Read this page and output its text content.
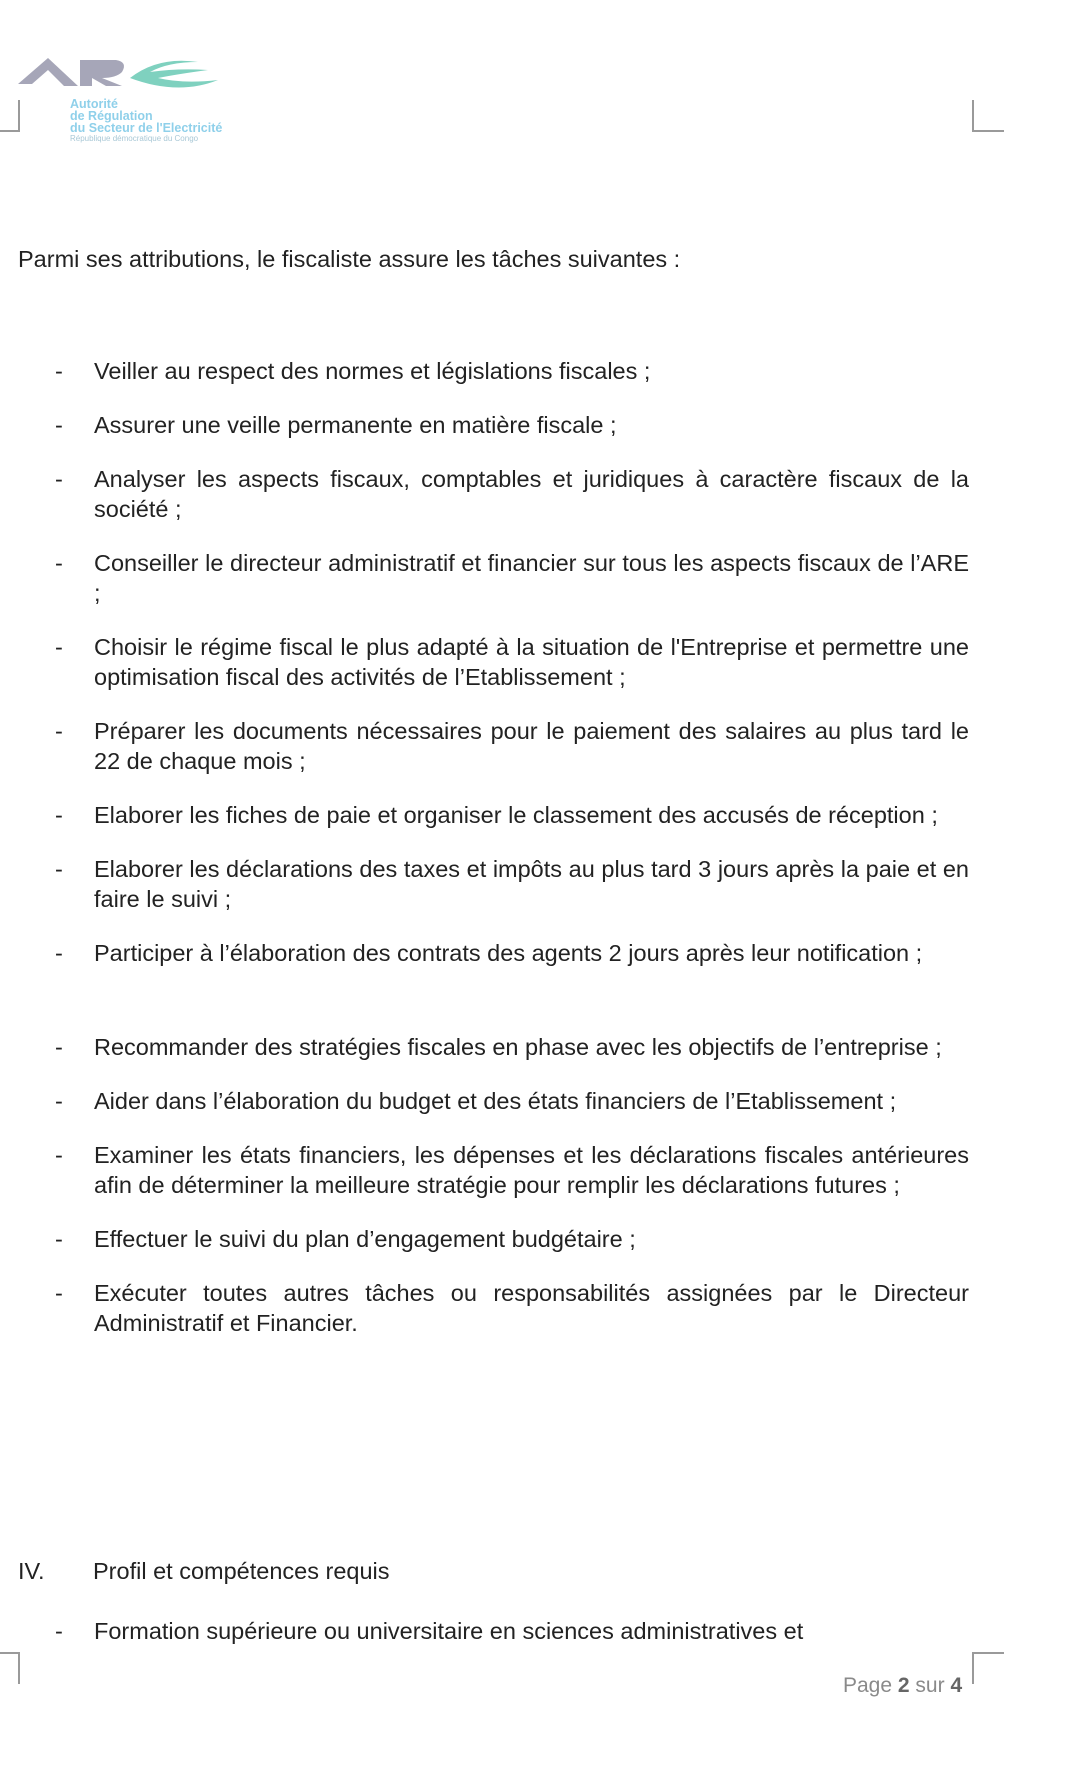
Autorité
de Régulation
du Secteur de l'Electricité
République démocratique du Congo
Parmi ses attributions, le fiscaliste assure les tâches suivantes :
- Veiller au respect des normes et législations fiscales ;
- Assurer une veille permanente en matière fiscale ;
- Analyser les aspects fiscaux, comptables et juridiques à caractère fiscaux de la société ;
- Conseiller le directeur administratif et financier sur tous les aspects fiscaux de l’ARE ;
- Choisir le régime fiscal le plus adapté à la situation de l'Entreprise et permettre une optimisation fiscal des activités de l’Etablissement ;
- Préparer les documents nécessaires pour le paiement des salaires au plus tard le 22 de chaque mois ;
- Elaborer les fiches de paie et organiser le classement des accusés de réception ;
- Elaborer les déclarations des taxes et impôts au plus tard 3 jours après la paie et en faire le suivi ;
- Participer à l’élaboration des contrats des agents 2 jours après leur notification ;
- Recommander des stratégies fiscales en phase avec les objectifs de l’entreprise ;
- Aider dans l’élaboration du budget et des états financiers de l’Etablissement ;
- Examiner les états financiers, les dépenses et les déclarations fiscales antérieures afin de déterminer la meilleure stratégie pour remplir les déclarations futures ;
- Effectuer le suivi du plan d’engagement budgétaire ;
- Exécuter toutes autres tâches ou responsabilités assignées par le Directeur Administratif et Financier.
IV. Profil et compétences requis
- Formation supérieure ou universitaire en sciences administratives et
Page 2 sur 4
